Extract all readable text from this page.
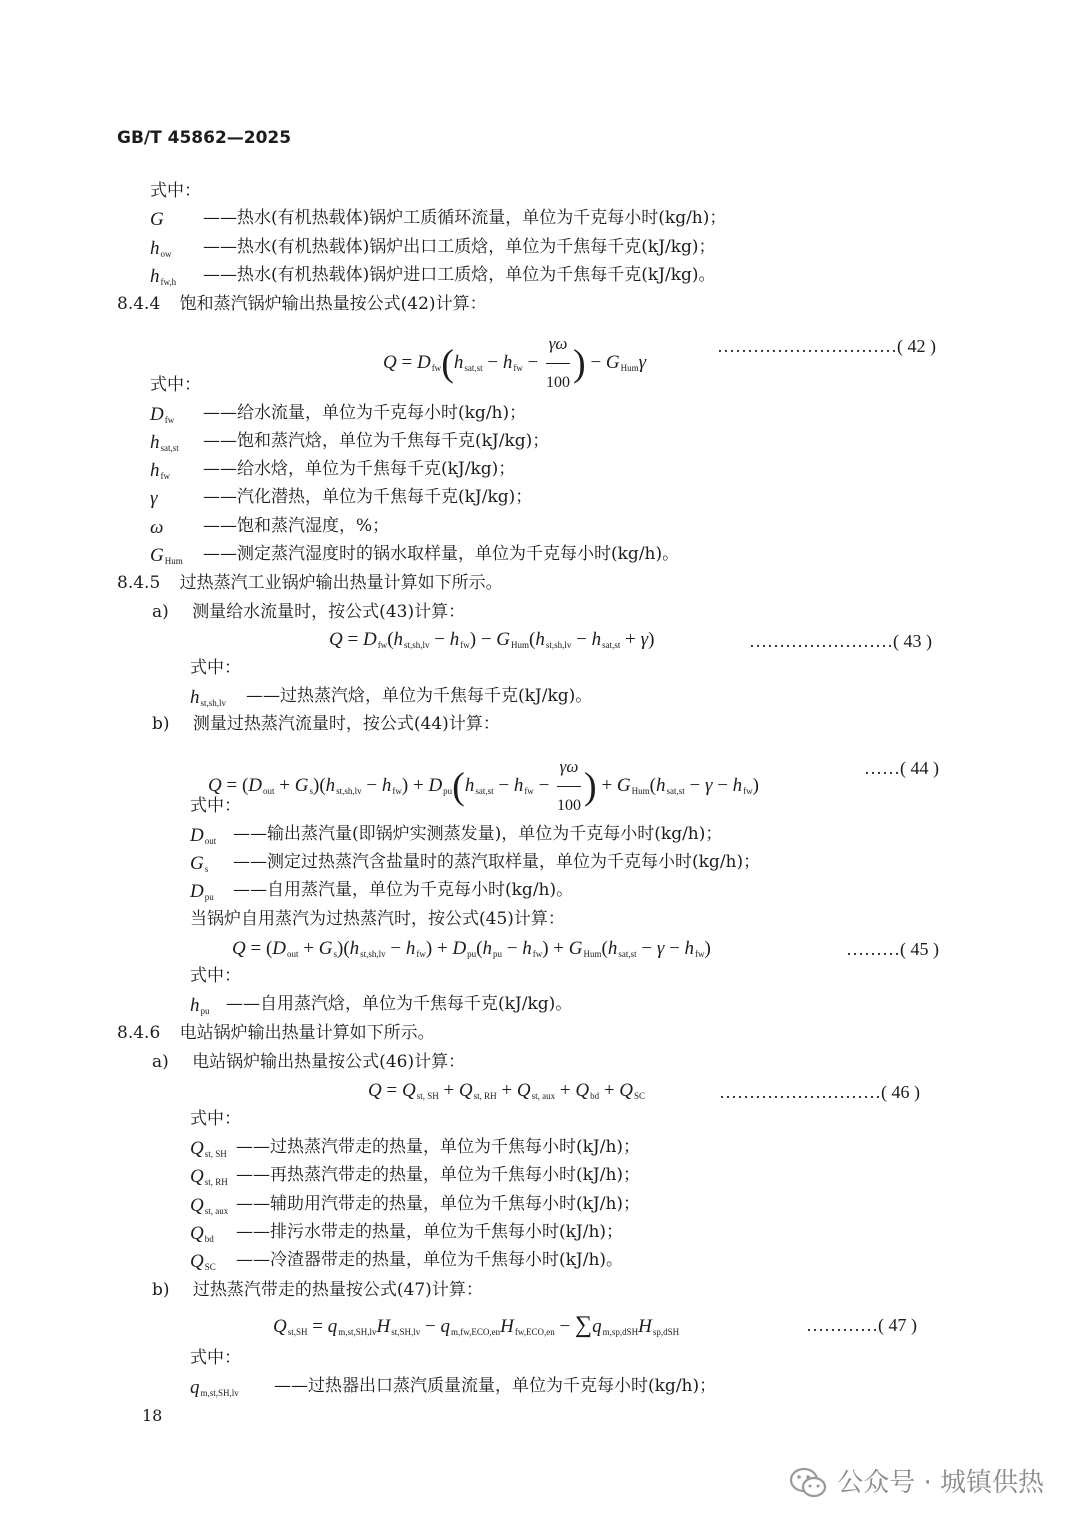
GB/T 45862—2025
式中：
G ——热水(有机热载体)锅炉工质循环流量，单位为千克每小时(kg/h)；
$h_{ow}$ ——热水(有机热载体)锅炉出口工质焓，单位为千焦每千克(kJ/kg)；
$h_{fw,h}$ ——热水(有机热载体)锅炉进口工质焓，单位为千焦每千克(kJ/kg)。
8.4.4 饱和蒸汽锅炉输出热量按公式(42)计算：
$Q = D_{fw}(h_{sat,st} - h_{fw} - \frac{\gamma\omega}{100}$ ) − $G_{Hum}\gamma$
…………………………( 42 )
式中：
$D_{fw}$ ——给水流量，单位为千克每小时(kg/h)；
$h_{sat,st}$ ——饱和蒸汽焓，单位为千焦每千克(kJ/kg)；
$h_{fw}$ ——给水焓，单位为千焦每千克(kJ/kg)；
γ	——汽化潜热，单位为千焦每千克(kJ/kg)；
ω ——饱和蒸汽湿度，%；
$G_{Hum}$ ——测定蒸汽湿度时的锅水取样量，单位为千克每小时(kg/h)。
8.4.5 过热蒸汽工业锅炉输出热量计算如下所示。
a) 测量给水流量时，按公式(43)计算：
$Q = D_{fw}(h_{st,sh,lv} - h_{fw}) - G_{Hum}(h_{st,sh,lv} - h_{sat,st} + \gamma)$	……………………( 43 )
式中：
$h_{st,sh,lv}$ ——过热蒸汽焓，单位为千焦每千克(kJ/kg)。
b) 测量过热蒸汽流量时，按公式(44)计算：
$Q = (D_{out} + G_s)(h_{st,sh,lv} - h_{fw}) + D_{pu}(h_{sat,st} - h_{fw} - \frac{\gamma\omega}{100}$ ) + $G_{Hum}(h_{sat,st} - \gamma - h_{fw})$
……( 44 )
式中：
$D_{out}$ ——输出蒸汽量(即锅炉实测蒸发量)，单位为千克每小时(kg/h)；
$G_s$ ——测定过热蒸汽含盐量时的蒸汽取样量，单位为千克每小时(kg/h)；
$D_{pu}$ ——自用蒸汽量，单位为千克每小时(kg/h)。
当锅炉自用蒸汽为过热蒸汽时，按公式(45)计算：
$Q = (D_{out} + G_s)(h_{st,sh,lv} - h_{fw}) + D_{pu}(h_{pu} - h_{fw}) + G_{Hum}(h_{sat,st} - \gamma - h_{fw})$	………( 45 )
式中：
$h_{pu}$ ——自用蒸汽焓，单位为千焦每千克(kJ/kg)。
8.4.6 电站锅炉输出热量计算如下所示。
a) 电站锅炉输出热量按公式(46)计算：
$Q = Q_{st, SH} + Q_{st, RH} + Q_{st, aux} + Q_{bd} + Q_{SC}$	………………………( 46 )
式中：
$Q_{st, SH}$ ——过热蒸汽带走的热量，单位为千焦每小时(kJ/h)；
$Q_{st, RH}$ ——再热蒸汽带走的热量，单位为千焦每小时(kJ/h)；
$Q_{st, aux}$ ——辅助用汽带走的热量，单位为千焦每小时(kJ/h)；
$Q_{bd}$ ——排污水带走的热量，单位为千焦每小时(kJ/h)；
$Q_{SC}$ ——冷渣器带走的热量，单位为千焦每小时(kJ/h)。
b) 过热蒸汽带走的热量按公式(47)计算：
$Q_{st,SH} = q_{m,st,SH,lv}H_{st,SH,lv} - q_{m,fw,ECO,en}H_{fw,ECO,en} - \sum q_{m,sp,dSH}H_{sp,dSH}$	…………( 47 )
式中：
$q_{m,st,SH,lv}$ ——过热器出口蒸汽质量流量，单位为千克每小时(kg/h)；
18
公众号 · 城镇供热
